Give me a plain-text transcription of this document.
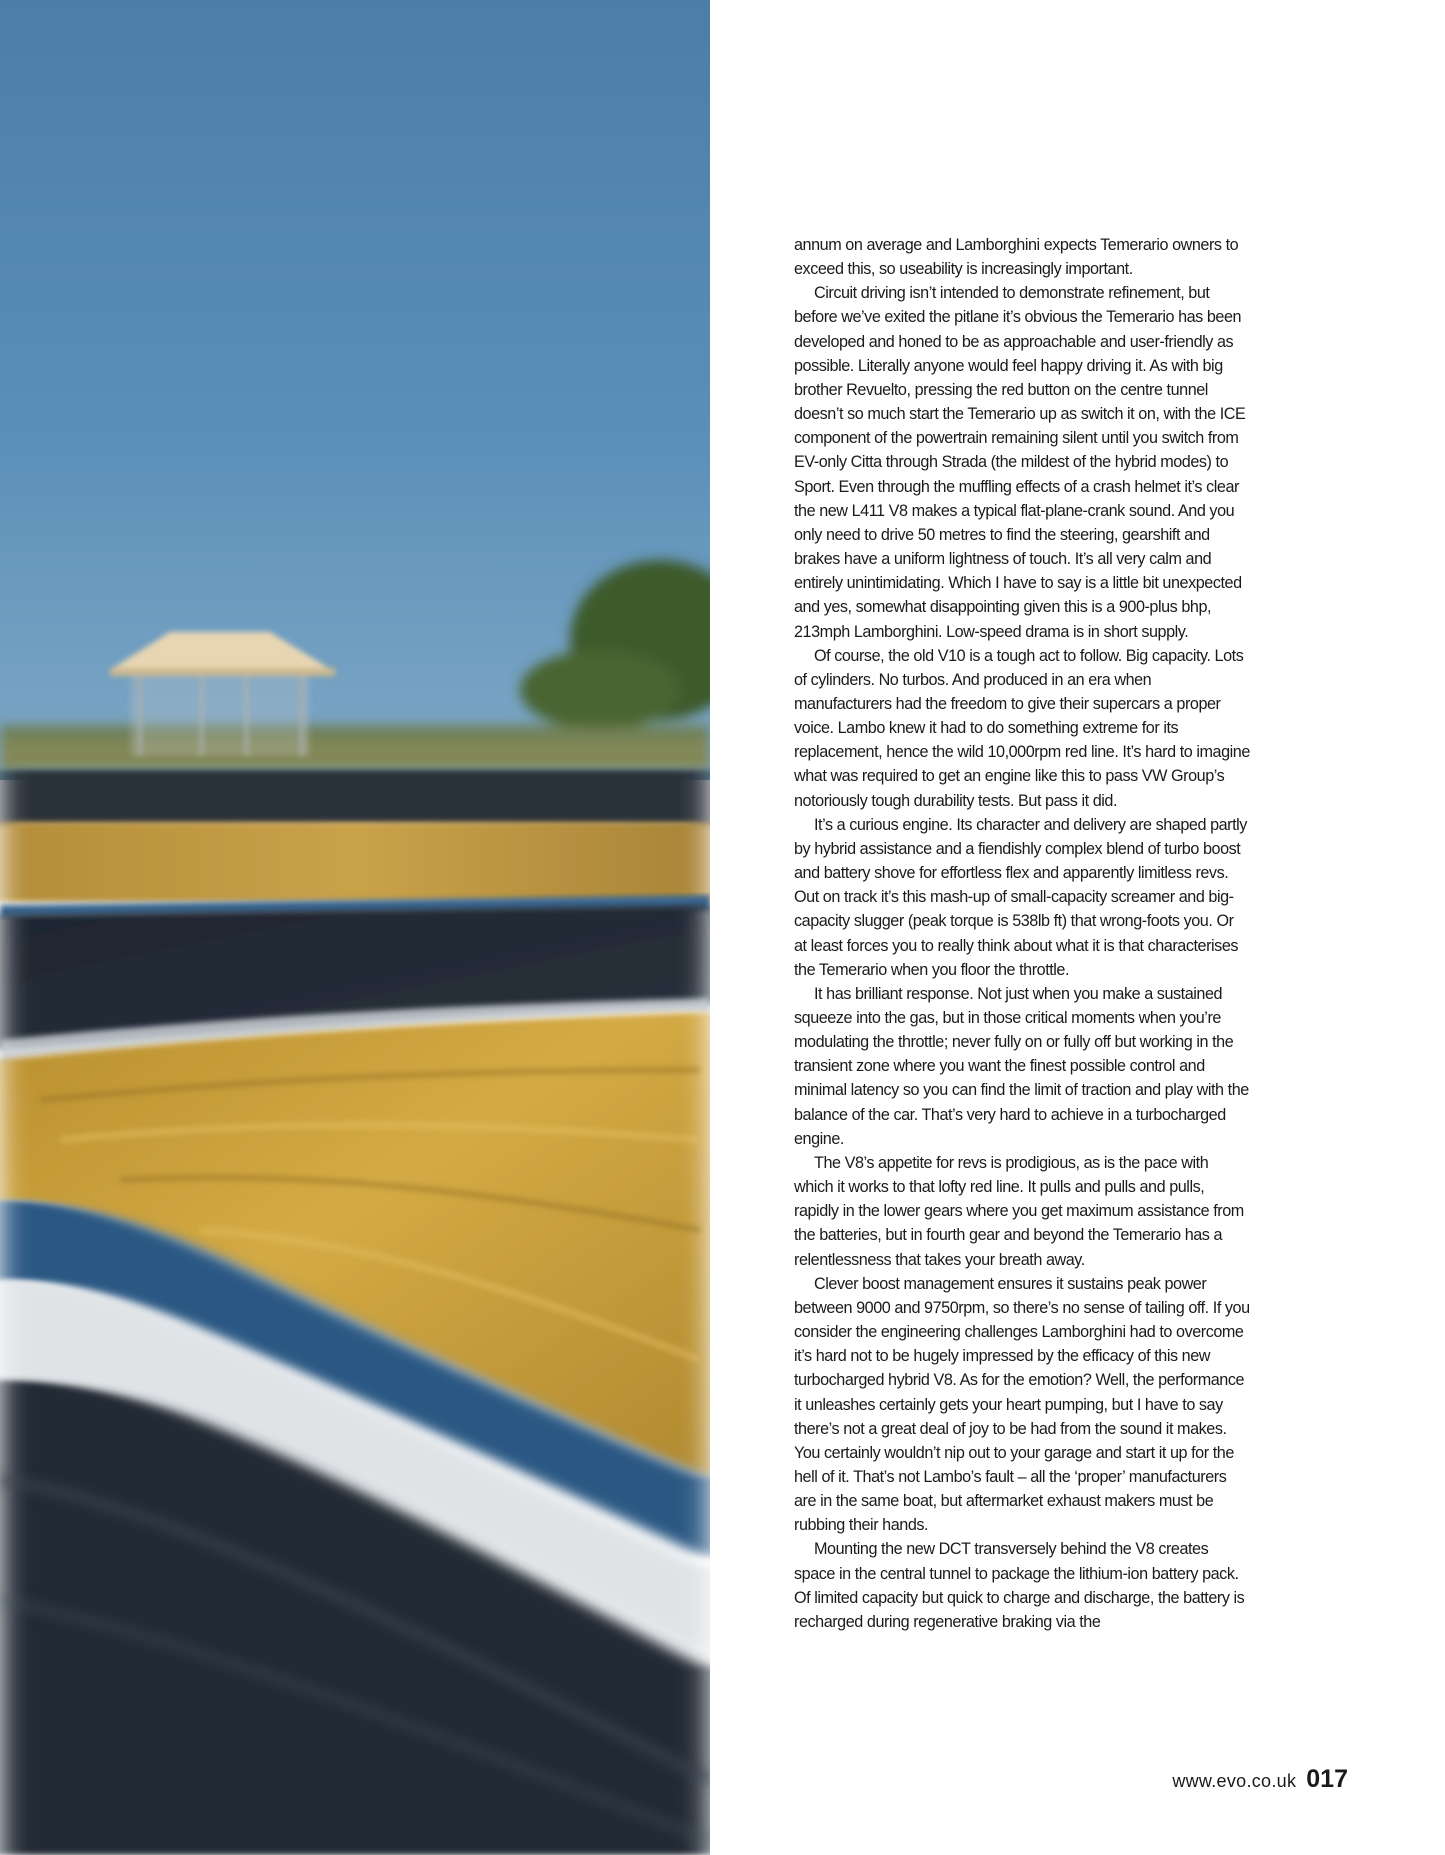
annum on average and Lamborghini expects Temerario owners to exceed this, so useability is increasingly important.

Circuit driving isn’t intended to demonstrate refinement, but before we’ve exited the pitlane it’s obvious the Temerario has been developed and honed to be as approachable and user-friendly as possible. Literally anyone would feel happy driving it. As with big brother Revuelto, pressing the red button on the centre tunnel doesn’t so much start the Temerario up as switch it on, with the ICE component of the powertrain remaining silent until you switch from EV-only Citta through Strada (the mildest of the hybrid modes) to Sport. Even through the muffling effects of a crash helmet it’s clear the new L411 V8 makes a typical flat-plane-crank sound. And you only need to drive 50 metres to find the steering, gearshift and brakes have a uniform lightness of touch. It’s all very calm and entirely unintimidating. Which I have to say is a little bit unexpected and yes, somewhat disappointing given this is a 900-plus bhp, 213mph Lamborghini. Low-speed drama is in short supply.

Of course, the old V10 is a tough act to follow. Big capacity. Lots of cylinders. No turbos. And produced in an era when manufacturers had the freedom to give their supercars a proper voice. Lambo knew it had to do something extreme for its replacement, hence the wild 10,000rpm red line. It’s hard to imagine what was required to get an engine like this to pass VW Group’s notoriously tough durability tests. But pass it did.

It’s a curious engine. Its character and delivery are shaped partly by hybrid assistance and a fiendishly complex blend of turbo boost and battery shove for effortless flex and apparently limitless revs. Out on track it’s this mash-up of small-capacity screamer and big-capacity slugger (peak torque is 538lb ft) that wrong-foots you. Or at least forces you to really think about what it is that characterises the Temerario when you floor the throttle.

It has brilliant response. Not just when you make a sustained squeeze into the gas, but in those critical moments when you’re modulating the throttle; never fully on or fully off but working in the transient zone where you want the finest possible control and minimal latency so you can find the limit of traction and play with the balance of the car. That’s very hard to achieve in a turbocharged engine.

The V8’s appetite for revs is prodigious, as is the pace with which it works to that lofty red line. It pulls and pulls and pulls, rapidly in the lower gears where you get maximum assistance from the batteries, but in fourth gear and beyond the Temerario has a relentlessness that takes your breath away.

Clever boost management ensures it sustains peak power between 9000 and 9750rpm, so there’s no sense of tailing off. If you consider the engineering challenges Lamborghini had to overcome it’s hard not to be hugely impressed by the efficacy of this new turbocharged hybrid V8. As for the emotion? Well, the performance it unleashes certainly gets your heart pumping, but I have to say there’s not a great deal of joy to be had from the sound it makes. You certainly wouldn’t nip out to your garage and start it up for the hell of it. That’s not Lambo’s fault – all the ‘proper’ manufacturers are in the same boat, but aftermarket exhaust makers must be rubbing their hands.

Mounting the new DCT transversely behind the V8 creates space in the central tunnel to package the lithium-ion battery pack. Of limited capacity but quick to charge and discharge, the battery is recharged during regenerative braking via the

www.evo.co.uk 017
